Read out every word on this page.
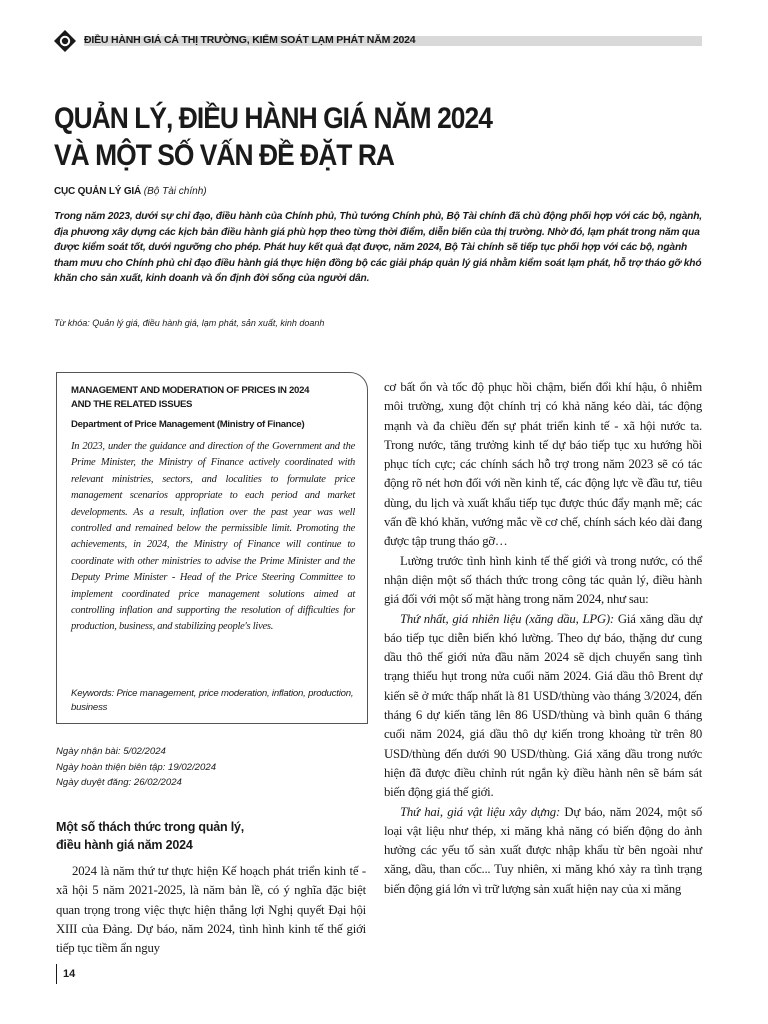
ĐIỀU HÀNH GIÁ CẢ THỊ TRƯỜNG, KIỂM SOÁT LẠM PHÁT NĂM 2024
QUẢN LÝ, ĐIỀU HÀNH GIÁ NĂM 2024
VÀ MỘT SỐ VẤN ĐỀ ĐẶT RA
CỤC QUẢN LÝ GIÁ (Bộ Tài chính)
Trong năm 2023, dưới sự chỉ đạo, điều hành của Chính phủ, Thủ tướng Chính phủ, Bộ Tài chính đã chủ động phối hợp với các bộ, ngành, địa phương xây dựng các kịch bản điều hành giá phù hợp theo từng thời điểm, diễn biến của thị trường. Nhờ đó, lạm phát trong năm qua được kiểm soát tốt, dưới ngưỡng cho phép. Phát huy kết quả đạt được, năm 2024, Bộ Tài chính sẽ tiếp tục phối hợp với các bộ, ngành tham mưu cho Chính phủ chỉ đạo điều hành giá thực hiện đồng bộ các giải pháp quản lý giá nhằm kiểm soát lạm phát, hỗ trợ tháo gỡ khó khăn cho sản xuất, kinh doanh và ổn định đời sống của người dân.
Từ khóa: Quản lý giá, điều hành giá, lạm phát, sản xuất, kinh doanh
MANAGEMENT AND MODERATION OF PRICES IN 2024
AND THE RELATED ISSUES
Department of Price Management (Ministry of Finance)
In 2023, under the guidance and direction of the Government and the Prime Minister, the Ministry of Finance actively coordinated with relevant ministries, sectors, and localities to formulate price management scenarios appropriate to each period and market developments. As a result, inflation over the past year was well controlled and remained below the permissible limit. Promoting the achievements, in 2024, the Ministry of Finance will continue to coordinate with other ministries to advise the Prime Minister and the Deputy Prime Minister - Head of the Price Steering Committee to implement coordinated price management solutions aimed at controlling inflation and supporting the resolution of difficulties for production, business, and stabilizing people's lives.
Keywords: Price management, price moderation, inflation, production, business
Ngày nhận bài: 5/02/2024
Ngày hoàn thiện biên tập: 19/02/2024
Ngày duyệt đăng: 26/02/2024
Một số thách thức trong quản lý,
điều hành giá năm 2024

2024 là năm thứ tư thực hiện Kế hoạch phát triển kinh tế - xã hội 5 năm 2021-2025, là năm bản lề, có ý nghĩa đặc biệt quan trọng trong việc thực hiện thắng lợi Nghị quyết Đại hội XIII của Đảng. Dự báo, năm 2024, tình hình kinh tế thế giới tiếp tục tiềm ẩn nguy

cơ bất ổn và tốc độ phục hồi chậm, biến đổi khí hậu, ô nhiễm môi trường, xung đột chính trị có khả năng kéo dài, tác động mạnh và đa chiều đến sự phát triển kinh tế - xã hội nước ta. Trong nước, tăng trưởng kinh tế dự báo tiếp tục xu hướng hồi phục tích cực; các chính sách hỗ trợ trong năm 2023 sẽ có tác động rõ nét hơn đối với nền kinh tế, các động lực về đầu tư, tiêu dùng, du lịch và xuất khẩu tiếp tục được thúc đẩy mạnh mẽ; các vấn đề khó khăn, vướng mắc về cơ chế, chính sách kéo dài đang được tập trung tháo gỡ…

Lường trước tình hình kinh tế thế giới và trong nước, có thể nhận diện một số thách thức trong công tác quản lý, điều hành giá đối với một số mặt hàng trong năm 2024, như sau:

Thứ nhất, giá nhiên liệu (xăng dầu, LPG): Giá xăng dầu dự báo tiếp tục diễn biến khó lường. Theo dự báo, thặng dư cung dầu thô thế giới nửa đầu năm 2024 sẽ dịch chuyển sang tình trạng thiếu hụt trong nửa cuối năm 2024. Giá dầu thô Brent dự kiến sẽ ở mức thấp nhất là 81 USD/thùng vào tháng 3/2024, đến tháng 6 dự kiến tăng lên 86 USD/thùng và bình quân 6 tháng cuối năm 2024, giá dầu thô dự kiến trong khoảng từ trên 80 USD/thùng đến dưới 90 USD/thùng. Giá xăng dầu trong nước hiện đã được điều chỉnh rút ngắn kỳ điều hành nên sẽ bám sát biến động giá thế giới.

Thứ hai, giá vật liệu xây dựng: Dự báo, năm 2024, một số loại vật liệu như thép, xi măng khả năng có biến động do ảnh hưởng các yếu tố sản xuất được nhập khẩu từ bên ngoài như xăng, dầu, than cốc... Tuy nhiên, xi măng khó xảy ra tình trạng biến động giá lớn vì trữ lượng sản xuất hiện nay của xi măng

14
